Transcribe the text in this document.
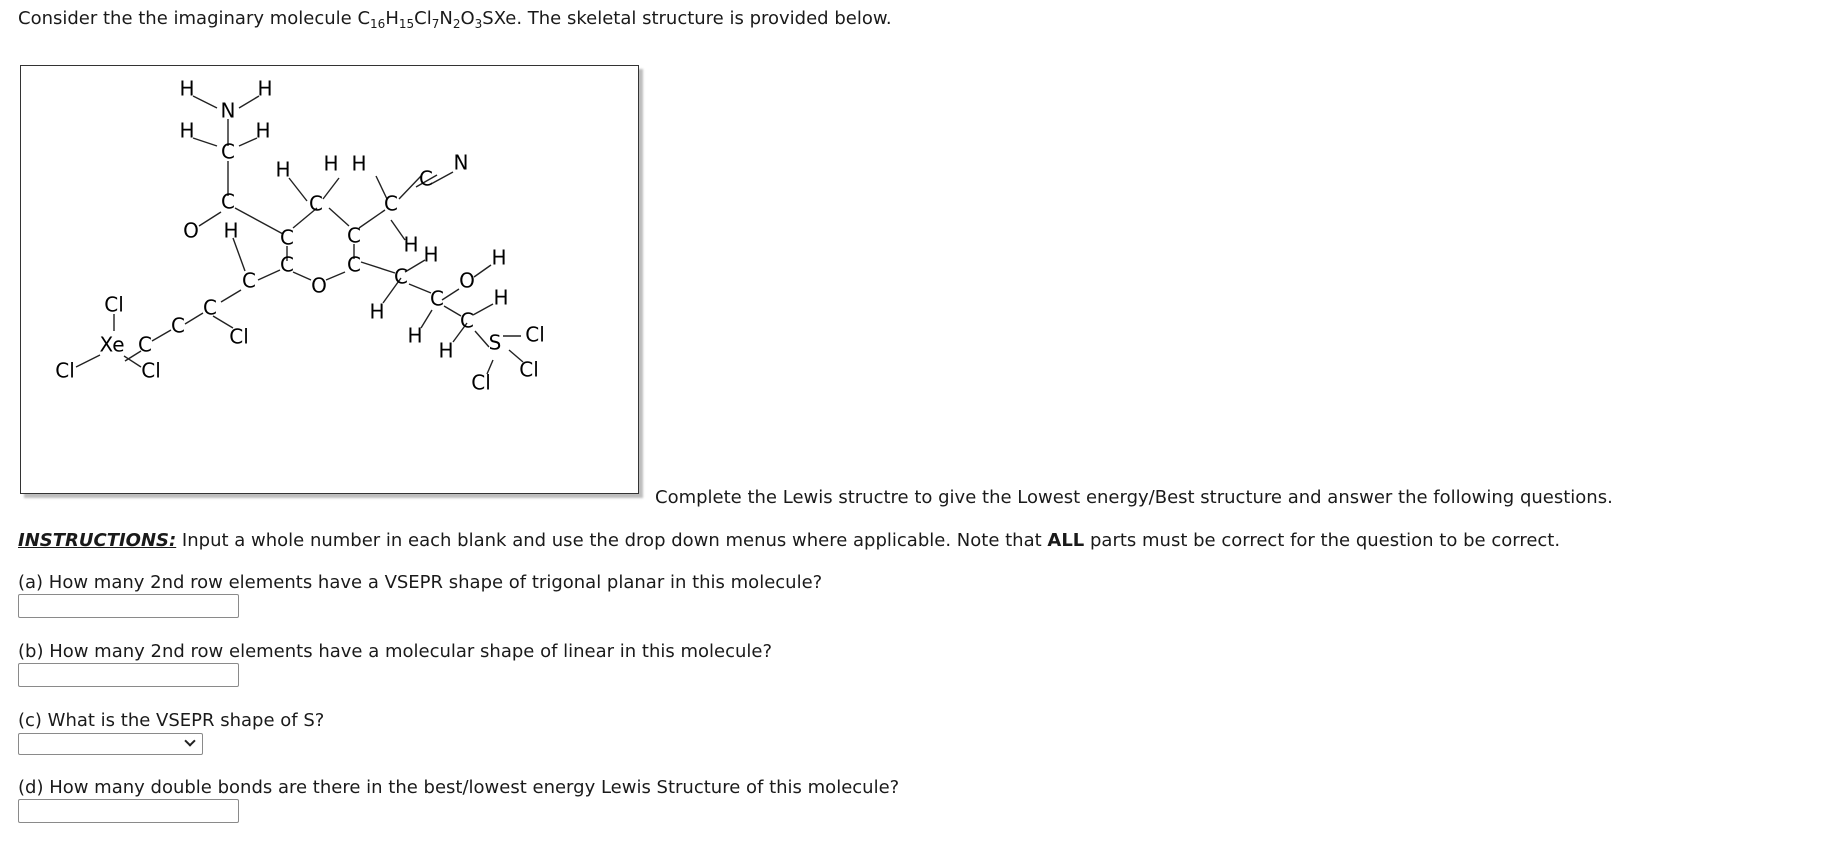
Consider the the imaginary molecule $C_{16}H_{15}Cl_7N_2O_3SXe$. The skeletal structure is provided below.
H	H
N
H	H
C
C
O
H H H
C	C
C
N
C	C H
C	C
O
H
C
C
Cl
C
C
Cl
Xe
Cl	Cl
C
H
H
C
H
O
H
C
H
H S Cl
Cl
Cl
Complete the Lewis structre to give the Lowest energy/Best structure and answer the following questions.
INSTRUCTIONS: Input a whole number in each blank and use the drop down menus where applicable. Note that ALL parts must be correct for the question to be correct.
(a) How many 2nd row elements have a VSEPR shape of trigonal planar in this molecule?
(b) How many 2nd row elements have a molecular shape of linear in this molecule?
(c) What is the VSEPR shape of S?
(d) How many double bonds are there in the best/lowest energy Lewis Structure of this molecule?
